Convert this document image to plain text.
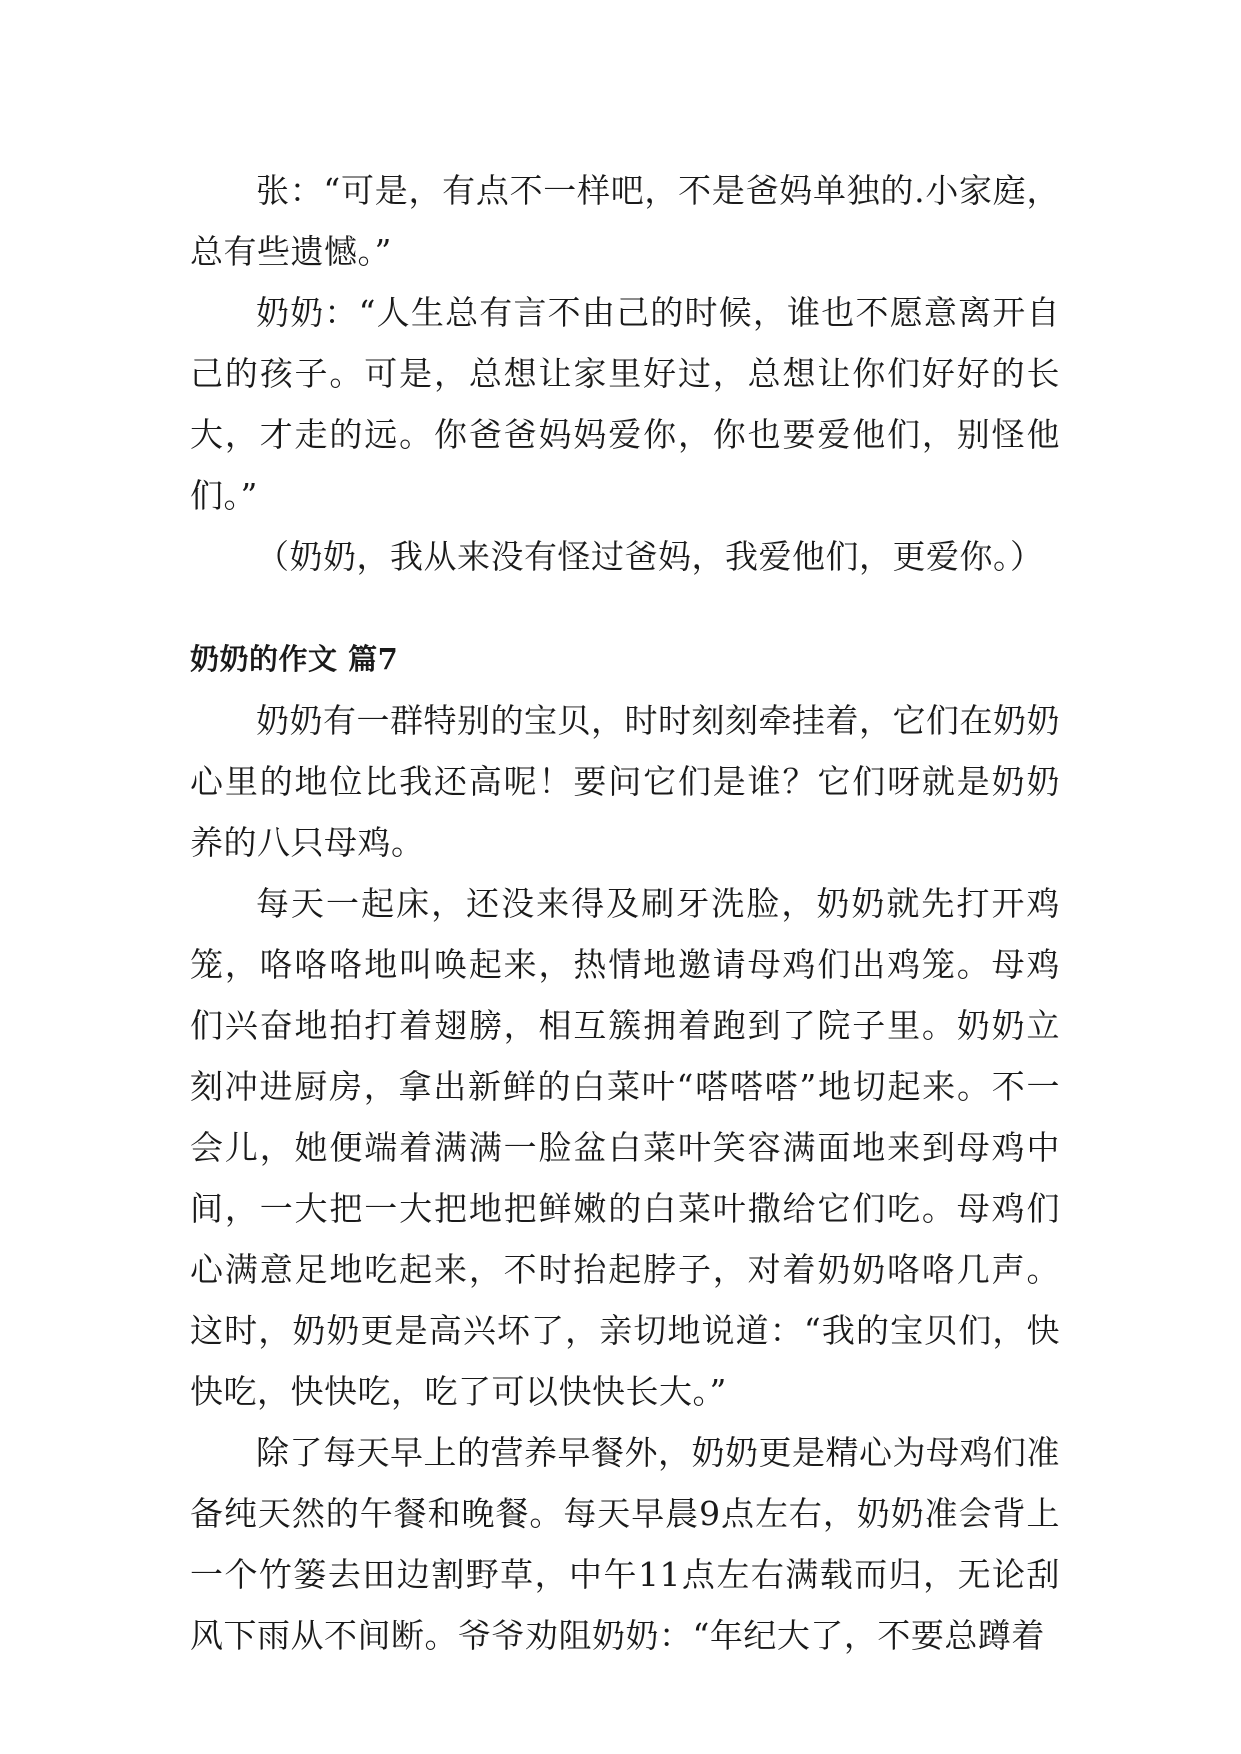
张：“可是，有点不一样吧，不是爸妈单独的.小家庭，总有些遗憾。”

奶奶：“人生总有言不由己的时候，谁也不愿意离开自己的孩子。可是，总想让家里好过，总想让你们好好的长大，才走的远。你爸爸妈妈爱你，你也要爱他们，别怪他们。”

（奶奶，我从来没有怪过爸妈，我爱他们，更爱你。）

奶奶的作文 篇7

奶奶有一群特别的宝贝，时时刻刻牵挂着，它们在奶奶心里的地位比我还高呢！要问它们是谁？它们呀就是奶奶养的八只母鸡。

每天一起床，还没来得及刷牙洗脸，奶奶就先打开鸡笼，咯咯咯地叫唤起来，热情地邀请母鸡们出鸡笼。母鸡们兴奋地拍打着翅膀，相互簇拥着跑到了院子里。奶奶立刻冲进厨房，拿出新鲜的白菜叶“嗒嗒嗒”地切起来。不一会儿，她便端着满满一脸盆白菜叶笑容满面地来到母鸡中间，一大把一大把地把鲜嫩的白菜叶撒给它们吃。母鸡们心满意足地吃起来，不时抬起脖子，对着奶奶咯咯几声。这时，奶奶更是高兴坏了，亲切地说道：“我的宝贝们，快快吃，快快吃，吃了可以快快长大。”

除了每天早上的营养早餐外，奶奶更是精心为母鸡们准备纯天然的午餐和晚餐。每天早晨9点左右，奶奶准会背上一个竹篓去田边割野草，中午11点左右满载而归，无论刮风下雨从不间断。爷爷劝阻奶奶：“年纪大了，不要总蹲着
